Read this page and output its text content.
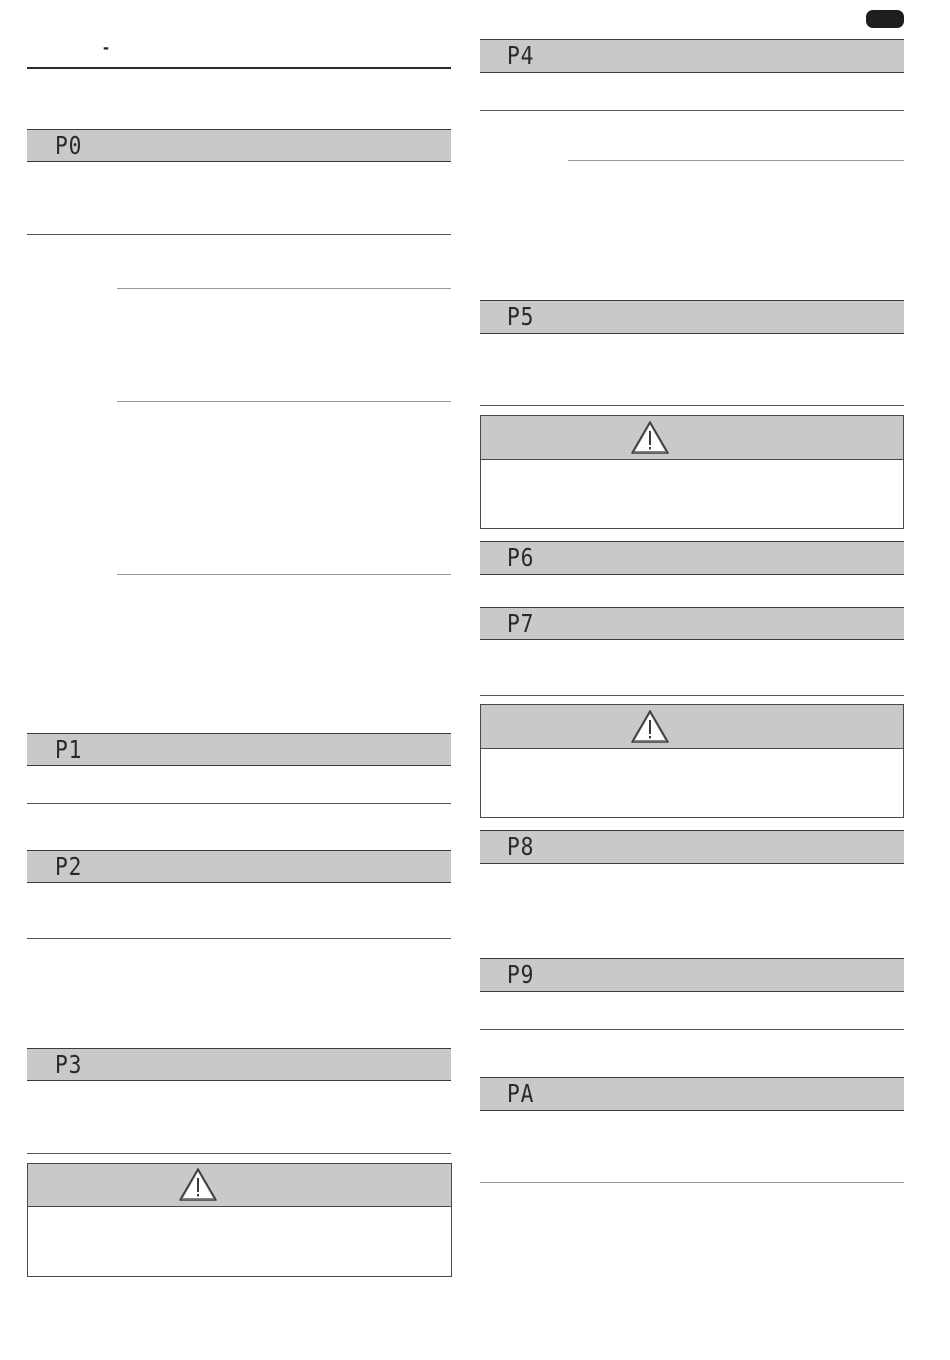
-
P0
P1
P2
P3
P4
P5
P6
P7
P8
P9
PA
